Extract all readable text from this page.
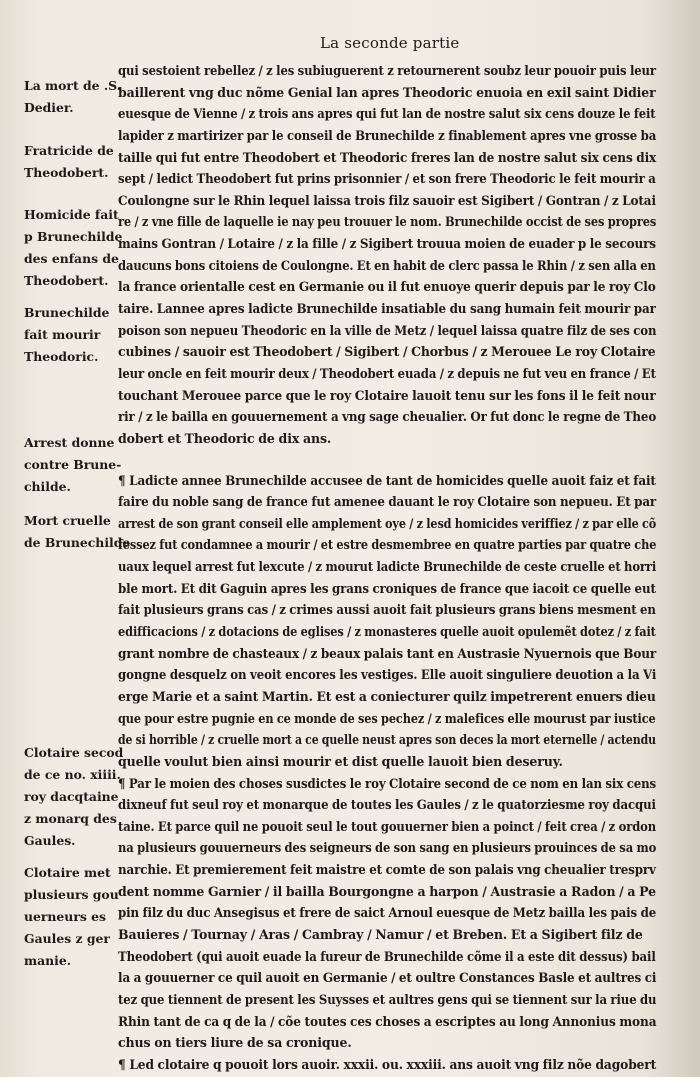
La seconde partie
La mort de .S.
Dedier.
Fratricide de
Theodobert.
Homicide fait
p Brunechilde
des enfans de
Theodobert.
Brunechilde
fait mourir
Theodoric.
Arrest donne
contre Brune-
childe.
Mort cruelle
de Brunechilde
Clotaire secod
de ce no. xiiii.
roy dacqtaine
z monarq des
Gaules.
Clotaire met
plusieurs gou
uerneurs es
Gaules z ger
manie.
qui sestoient rebellez / z les subiuguerent z retournerent soubz leur pouoir puis leur
baillerent vng duc nõme Genial lan apres Theodoric enuoia en exil saint Didier
euesque de Vienne / z trois ans apres qui fut lan de nostre salut six cens douze le feit
lapider z martirizer par le conseil de Brunechilde z finablement apres vne grosse ba
taille qui fut entre Theodobert et Theodoric freres lan de nostre salut six cens dix
sept / ledict Theodobert fut prins prisonnier / et son frere Theodoric le feit mourir a
Coulongne sur le Rhin lequel laissa trois filz sauoir est Sigibert / Gontran / z Lotai
re / z vne fille de laquelle ie nay peu trouuer le nom. Brunechilde occist de ses propres
mains Gontran / Lotaire / z la fille / z Sigibert trouua moien de euader p le secours
daucuns bons citoiens de Coulongne. Et en habit de clerc passa le Rhin / z sen alla en
la france orientalle cest en Germanie ou il fut enuoye querir depuis par le roy Clo
taire. Lannee apres ladicte Brunechilde insatiable du sang humain feit mourir par
poison son nepueu Theodoric en la ville de Metz / lequel laissa quatre filz de ses con
cubines / sauoir est Theodobert / Sigibert / Chorbus / z Merouee Le roy Clotaire
leur oncle en feit mourir deux / Theodobert euada / z depuis ne fut veu en france / Et
touchant Merouee parce que le roy Clotaire lauoit tenu sur les fons il le feit nour
rir / z le bailla en gouuernement a vng sage cheualier. Or fut donc le regne de Theo
dobert et Theodoric de dix ans.
¶ Ladicte annee Brunechilde accusee de tant de homicides quelle auoit faiz et fait
faire du noble sang de france fut amenee dauant le roy Clotaire son nepueu. Et par
arrest de son grant conseil elle amplement oye / z lesd homicides veriffiez / z par elle cõ
fessez fut condamnee a mourir / et estre desmembree en quatre parties par quatre che
uaux lequel arrest fut lexcute / z mourut ladicte Brunechilde de ceste cruelle et horri
ble mort. Et dit Gaguin apres les grans croniques de france que iacoit ce quelle eut
fait plusieurs grans cas / z crimes aussi auoit fait plusieurs grans biens mesment en
edifficacions / z dotacions de eglises / z monasteres quelle auoit opulemẽt dotez / z fait
grant nombre de chasteaux / z beaux palais tant en Austrasie Nyuernois que Bour
gongne desquelz on veoit encores les vestiges. Elle auoit singuliere deuotion a la Vi
erge Marie et a saint Martin. Et est a coniecturer quilz impetrerent enuers dieu
que pour estre pugnie en ce monde de ses pechez / z malefices elle mourust par iustice
de si horrible / z cruelle mort a ce quelle neust apres son deces la mort eternelle / actendu
quelle voulut bien ainsi mourir et dist quelle lauoit bien deseruy.
¶ Par le moien des choses susdictes le roy Clotaire second de ce nom en lan six cens
dixneuf fut seul roy et monarque de toutes les Gaules / z le quatorziesme roy dacqui
taine. Et parce quil ne pouoit seul le tout gouuerner bien a poinct / feit crea / z ordon
na plusieurs gouuerneurs des seigneurs de son sang en plusieurs prouinces de sa mo
narchie. Et premierement feit maistre et comte de son palais vng cheualier tresprv
dent nomme Garnier / il bailla Bourgongne a harpon / Austrasie a Radon / a Pe
pin filz du duc Ansegisus et frere de saict Arnoul euesque de Metz bailla les pais de
Bauieres / Tournay / Aras / Cambray / Namur / et Breben. Et a Sigibert filz de
Theodobert (qui auoit euade la fureur de Brunechilde cõme il a este dit dessus) bail
la a gouuerner ce quil auoit en Germanie / et oultre Constances Basle et aultres ci
tez que tiennent de present les Suysses et aultres gens qui se tiennent sur la riue du
Rhin tant de ca q de la / cõe toutes ces choses a escriptes au long Annonius mona
chus on tiers liure de sa cronique.
¶ Led clotaire q pouoit lors auoir. xxxii. ou. xxxiii. ans auoit vng filz nõe dagobert
